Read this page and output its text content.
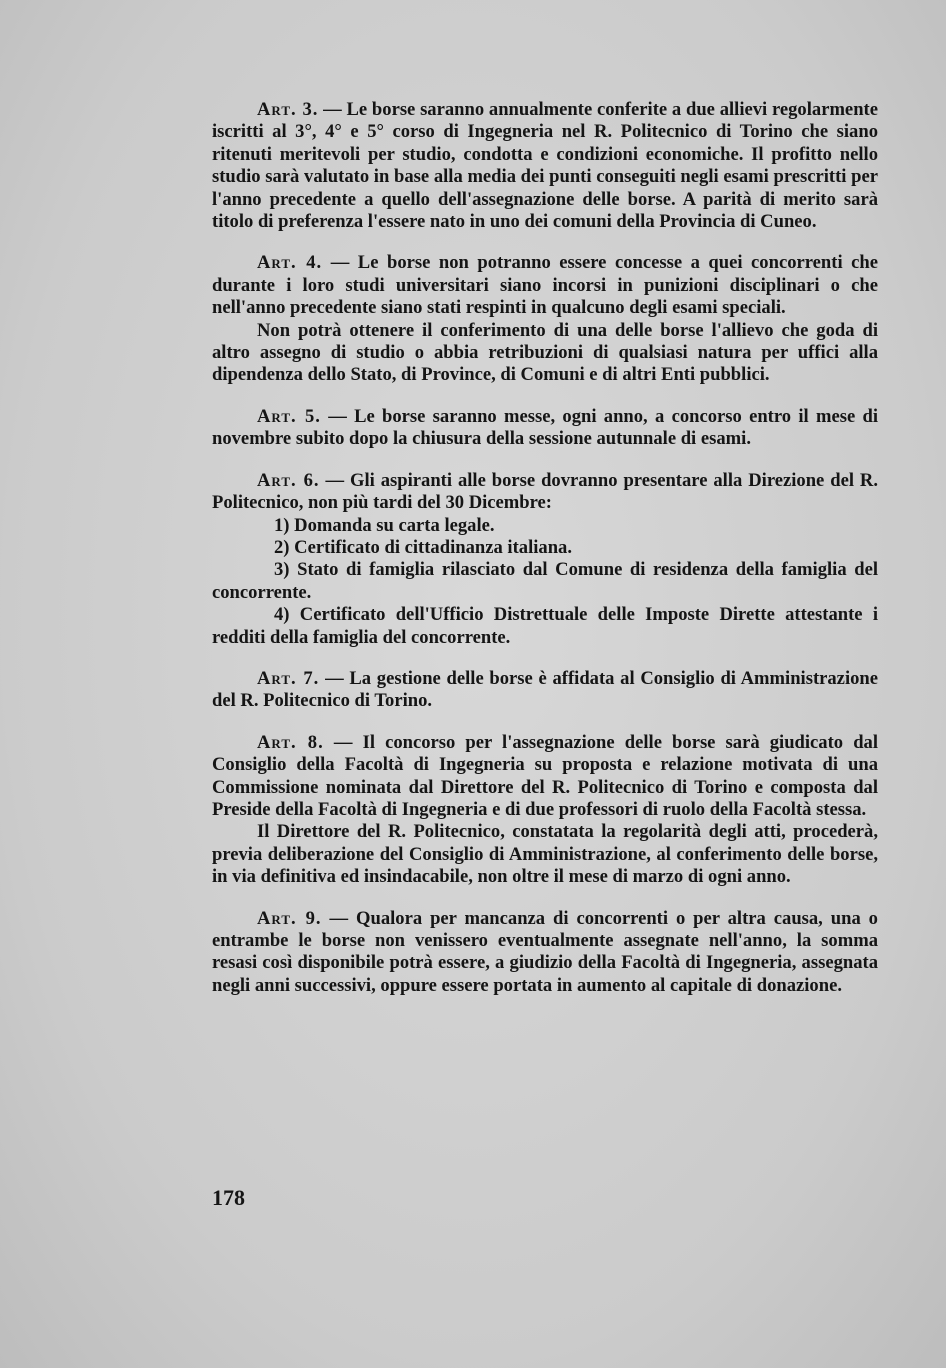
Art. 3. — Le borse saranno annualmente conferite a due allievi regolarmente iscritti al 3°, 4° e 5° corso di Ingegneria nel R. Politecnico di Torino che siano ritenuti meritevoli per studio, condotta e condizioni economiche. Il profitto nello studio sarà valutato in base alla media dei punti conseguiti negli esami prescritti per l'anno precedente a quello dell'assegnazione delle borse. A parità di merito sarà titolo di preferenza l'essere nato in uno dei comuni della Provincia di Cuneo.

Art. 4. — Le borse non potranno essere concesse a quei concorrenti che durante i loro studi universitari siano incorsi in punizioni disciplinari o che nell'anno precedente siano stati respinti in qualcuno degli esami speciali.

Non potrà ottenere il conferimento di una delle borse l'allievo che goda di altro assegno di studio o abbia retribuzioni di qualsiasi natura per uffici alla dipendenza dello Stato, di Province, di Comuni e di altri Enti pubblici.

Art. 5. — Le borse saranno messe, ogni anno, a concorso entro il mese di novembre subito dopo la chiusura della sessione autunnale di esami.

Art. 6. — Gli aspiranti alle borse dovranno presentare alla Direzione del R. Politecnico, non più tardi del 30 Dicembre:

1) Domanda su carta legale.

2) Certificato di cittadinanza italiana.

3) Stato di famiglia rilasciato dal Comune di residenza della famiglia del concorrente.

4) Certificato dell'Ufficio Distrettuale delle Imposte Dirette attestante i redditi della famiglia del concorrente.

Art. 7. — La gestione delle borse è affidata al Consiglio di Amministrazione del R. Politecnico di Torino.

Art. 8. — Il concorso per l'assegnazione delle borse sarà giudicato dal Consiglio della Facoltà di Ingegneria su proposta e relazione motivata di una Commissione nominata dal Direttore del R. Politecnico di Torino e composta dal Preside della Facoltà di Ingegneria e di due professori di ruolo della Facoltà stessa.

Il Direttore del R. Politecnico, constatata la regolarità degli atti, procederà, previa deliberazione del Consiglio di Amministrazione, al conferimento delle borse, in via definitiva ed insindacabile, non oltre il mese di marzo di ogni anno.

Art. 9. — Qualora per mancanza di concorrenti o per altra causa, una o entrambe le borse non venissero eventualmente assegnate nell'anno, la somma resasi così disponibile potrà essere, a giudizio della Facoltà di Ingegneria, assegnata negli anni successivi, oppure essere portata in aumento al capitale di donazione.

178
